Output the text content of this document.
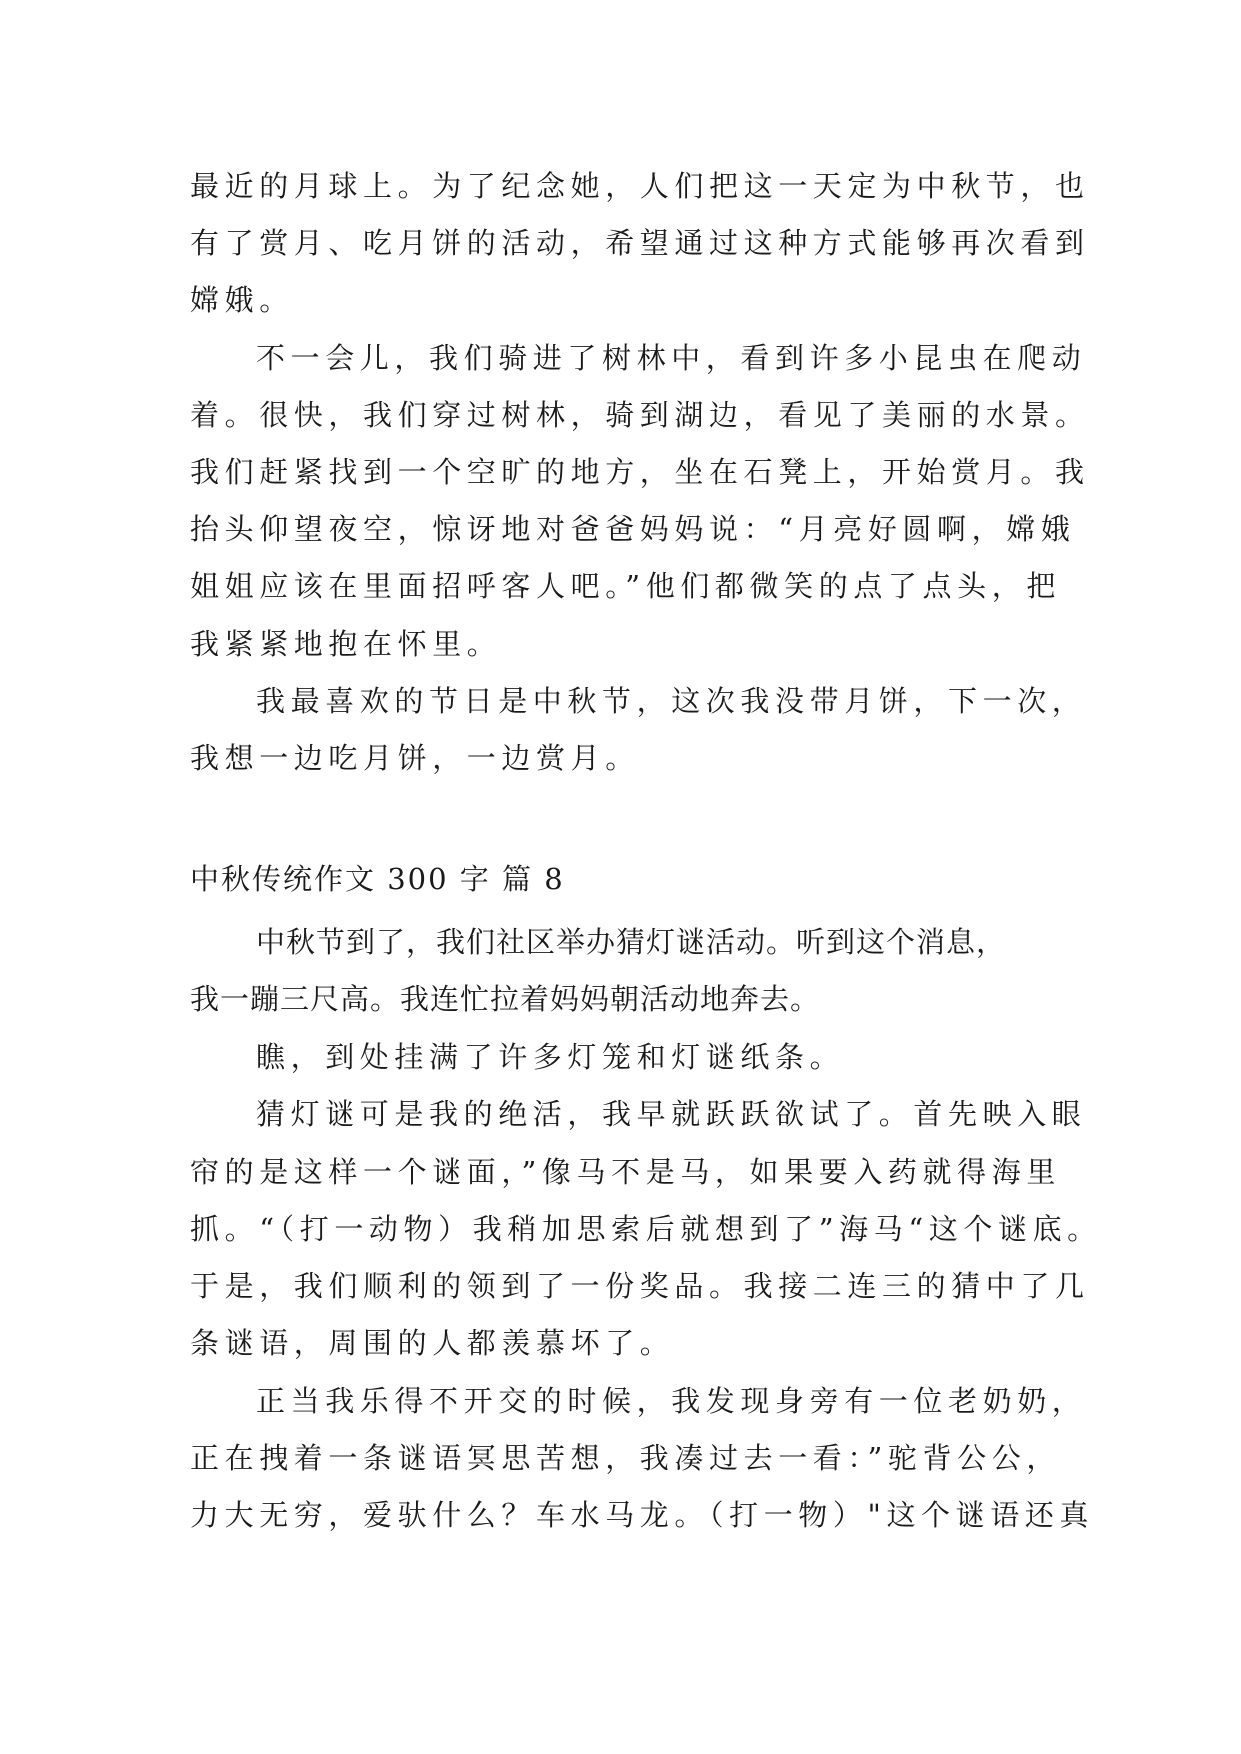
最近的月球上。为了纪念她，人们把这一天定为中秋节，也
有了赏月、吃月饼的活动，希望通过这种方式能够再次看到
嫦娥。
不一会儿，我们骑进了树林中，看到许多小昆虫在爬动
着。很快，我们穿过树林，骑到湖边，看见了美丽的水景。
我们赶紧找到一个空旷的地方，坐在石凳上，开始赏月。我
抬头仰望夜空，惊讶地对爸爸妈妈说：“月亮好圆啊，嫦娥
姐姐应该在里面招呼客人吧。”他们都微笑的点了点头，把
我紧紧地抱在怀里。
我最喜欢的节日是中秋节，这次我没带月饼，下一次，
我想一边吃月饼，一边赏月。
中秋传统作文 300 字 篇 8
中秋节到了，我们社区举办猜灯谜活动。听到这个消息，
我一蹦三尺高。我连忙拉着妈妈朝活动地奔去。
瞧，到处挂满了许多灯笼和灯谜纸条。
猜灯谜可是我的绝活，我早就跃跃欲试了。首先映入眼
帘的是这样一个谜面，”像马不是马，如果要入药就得海里
抓。“（打一动物）我稍加思索后就想到了”海马“这个谜底。
于是，我们顺利的领到了一份奖品。我接二连三的猜中了几
条谜语，周围的人都羡慕坏了。
正当我乐得不开交的时候，我发现身旁有一位老奶奶，
正在拽着一条谜语冥思苦想，我凑过去一看：”驼背公公，
力大无穷，爱驮什么？车水马龙。（打一物）"这个谜语还真
